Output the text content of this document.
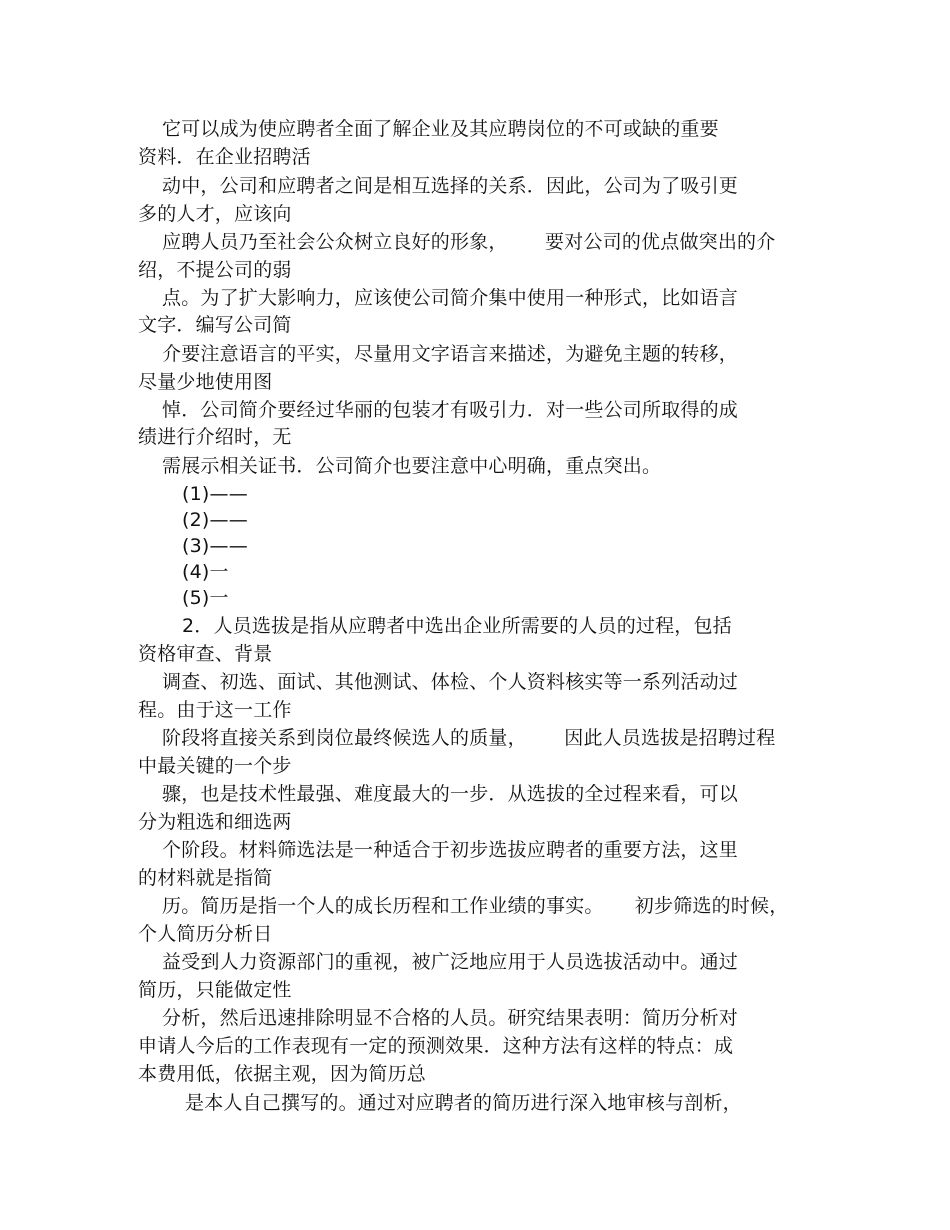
它可以成为使应聘者全面了解企业及其应聘岗位的不可或缺的重要
资料．在企业招聘活
动中，公司和应聘者之间是相互选择的关系．因此，公司为了吸引更
多的人才，应该向
应聘人员乃至社会公众树立良好的形象，      要对公司的优点做突出的介
绍，不提公司的弱
点。为了扩大影响力，应该使公司简介集中使用一种形式，比如语言
文字．编写公司简
介要注意语言的平实，尽量用文字语言来描述，为避免主题的转移，
尽量少地使用图
悼．公司简介要经过华丽的包装才有吸引力．对一些公司所取得的成
绩进行介绍时，无
需展示相关证书．公司简介也要注意中心明确，重点突出。
(1)——
(2)——
(3)——
(4)一
(5)一
2．人员选拔是指从应聘者中选出企业所需要的人员的过程，包括
资格审查、背景
调查、初选、面试、其他测试、体检、个人资料核实等一系列活动过
程。由于这一工作
阶段将直接关系到岗位最终候选人的质量，      因此人员选拔是招聘过程
中最关键的一个步
骤，也是技术性最强、难度最大的一步．从选拔的全过程来看，可以
分为粗选和细选两
个阶段。材料筛选法是一种适合于初步选拔应聘者的重要方法，这里
的材料就是指简
历。简历是指一个人的成长历程和工作业绩的事实。     初步筛选的时候，
个人简历分析日
益受到人力资源部门的重视，被广泛地应用于人员选拔活动中。通过
简历，只能做定性
分析，然后迅速排除明显不合格的人员。研究结果表明：简历分析对
申请人今后的工作表现有一定的预测效果．这种方法有这样的特点：成
本费用低，依据主观，因为简历总
是本人自己撰写的。通过对应聘者的简历进行深入地审核与剖析，
